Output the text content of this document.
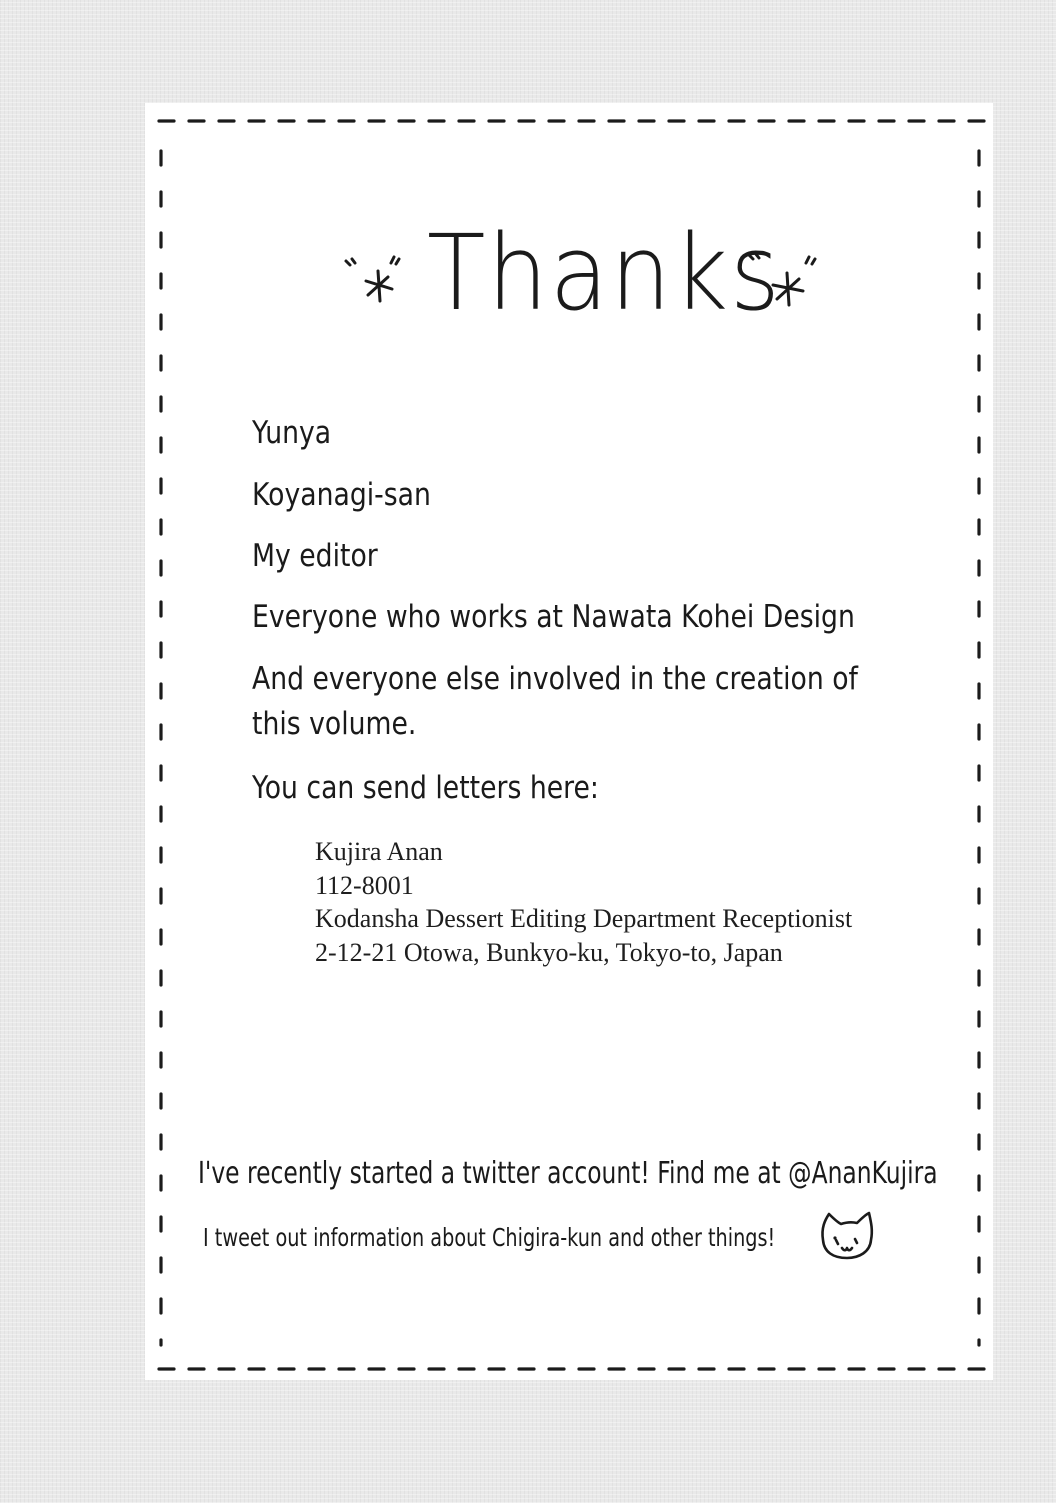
Thanks
Yunya
Koyanagi-san
My editor
Everyone who works at Nawata Kohei Design
And everyone else involved in the creation of
this volume.
You can send letters here:
Kujira Anan
112-8001
Kodansha Dessert Editing Department Receptionist
2-12-21 Otowa, Bunkyo-ku, Tokyo-to, Japan
I've recently started a twitter account! Find me at @AnanKujira
I tweet out information about Chigira-kun and other things!
